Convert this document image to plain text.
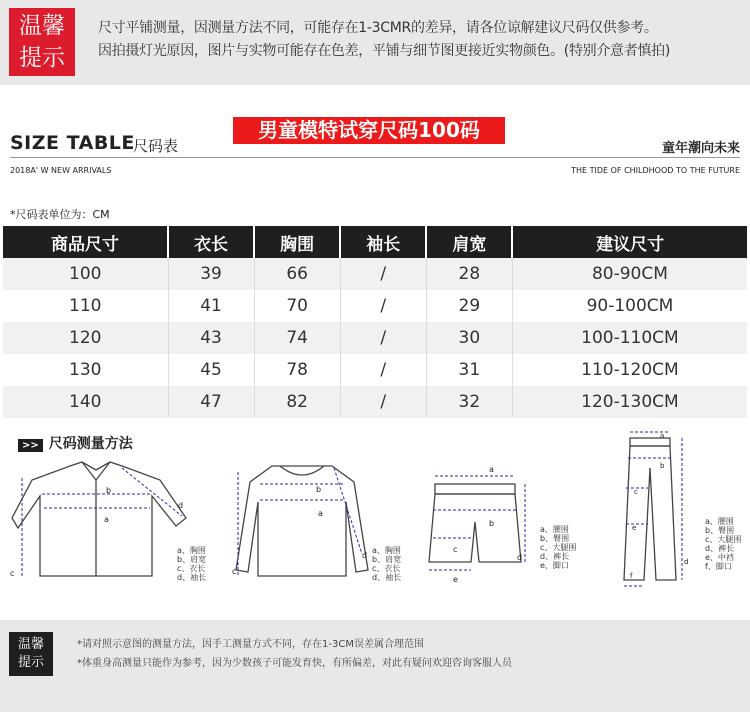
温馨
提示
尺寸平铺测量，因测量方法不同，可能存在1-3CMR的差异，请各位谅解建议尺码仅供参考。
因拍摄灯光原因，图片与实物可能存在色差，平铺与细节图更接近实物颜色。(特别介意者慎拍)
SIZE TABLE
尺码表
男童模特试穿尺码100码
童年潮向未来
2018A' W NEW ARRIVALS	THE TIDE OF CHILDHOOD TO THE FUTURE
*尺码表单位为：CM
商品尺寸	衣长	胸围	袖长	肩宽	建议尺寸
100	39	66	/	28	80-90CM
110	41	70	/	29	90-100CM
120	43	74	/	30	100-110CM
130	45	78	/	31	110-120CM
140	47	82	/	32	120-130CM
>> 尺码测量方法
b
a
c
d
a、胸围
b、肩宽
c、衣长
d、袖长
b
a
c
d
a、胸围
b、肩宽
c、衣长
d、袖长
a
b
c
d
e
a、腰围
b、臀围
c、大腿围
d、裤长
e、脚口
a
b
c
e
d
f
a、腰围
b、臀围
c、大腿围
d、裤长
e、中裆
f、脚口
温馨
提示
*请对照示意图的测量方法，因手工测量方式不同，存在1-3CM误差属合理范围
*体重身高测量只能作为参考，因为少数孩子可能发育快，有所偏差，对此有疑问欢迎咨询客服人员
